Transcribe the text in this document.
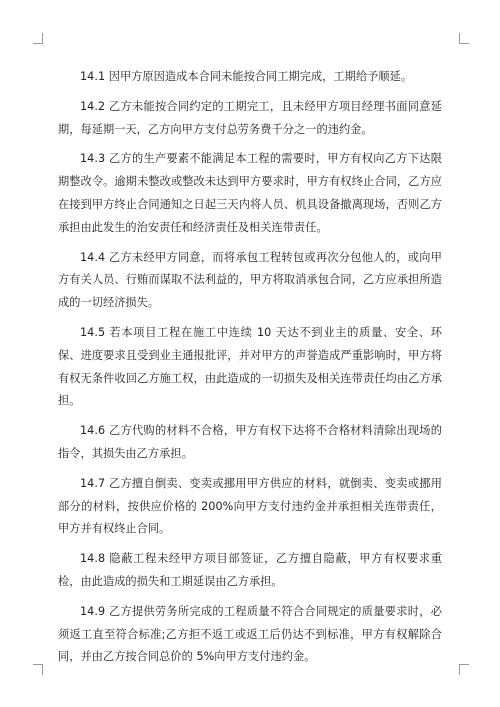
14.1 因甲方原因造成本合同未能按合同工期完成，工期给予顺延。

14.2 乙方未能按合同约定的工期完工，且未经甲方项目经理书面同意延期，每延期一天，乙方向甲方支付总劳务费千分之一的违约金。

14.3 乙方的生产要素不能满足本工程的需要时，甲方有权向乙方下达限期整改令。逾期未整改或整改未达到甲方要求时，甲方有权终止合同，乙方应在接到甲方终止合同通知之日起三天内将人员、机具设备撤离现场，否则乙方承担由此发生的治安责任和经济责任及相关连带责任。

14.4 乙方未经甲方同意，而将承包工程转包或再次分包他人的，或向甲方有关人员、行贿而谋取不法利益的，甲方将取消承包合同，乙方应承担所造成的一切经济损失。

14.5 若本项目工程在施工中连续 10 天达不到业主的质量、安全、环保、进度要求且受到业主通报批评，并对甲方的声誉造成严重影响时，甲方将有权无条件收回乙方施工权，由此造成的一切损失及相关连带责任均由乙方承担。

14.6 乙方代购的材料不合格，甲方有权下达将不合格材料清除出现场的指令，其损失由乙方承担。

14.7 乙方擅自倒卖、变卖或挪用甲方供应的材料，就倒卖、变卖或挪用部分的材料，按供应价格的 200%向甲方支付违约金并承担相关连带责任，甲方并有权终止合同。

14.8 隐蔽工程未经甲方项目部签证，乙方擅自隐蔽，甲方有权要求重检，由此造成的损失和工期延误由乙方承担。

14.9 乙方提供劳务所完成的工程质量不符合合同规定的质量要求时，必须返工直至符合标准;乙方拒不返工或返工后仍达不到标准，甲方有权解除合同，并由乙方按合同总价的 5%向甲方支付违约金。
